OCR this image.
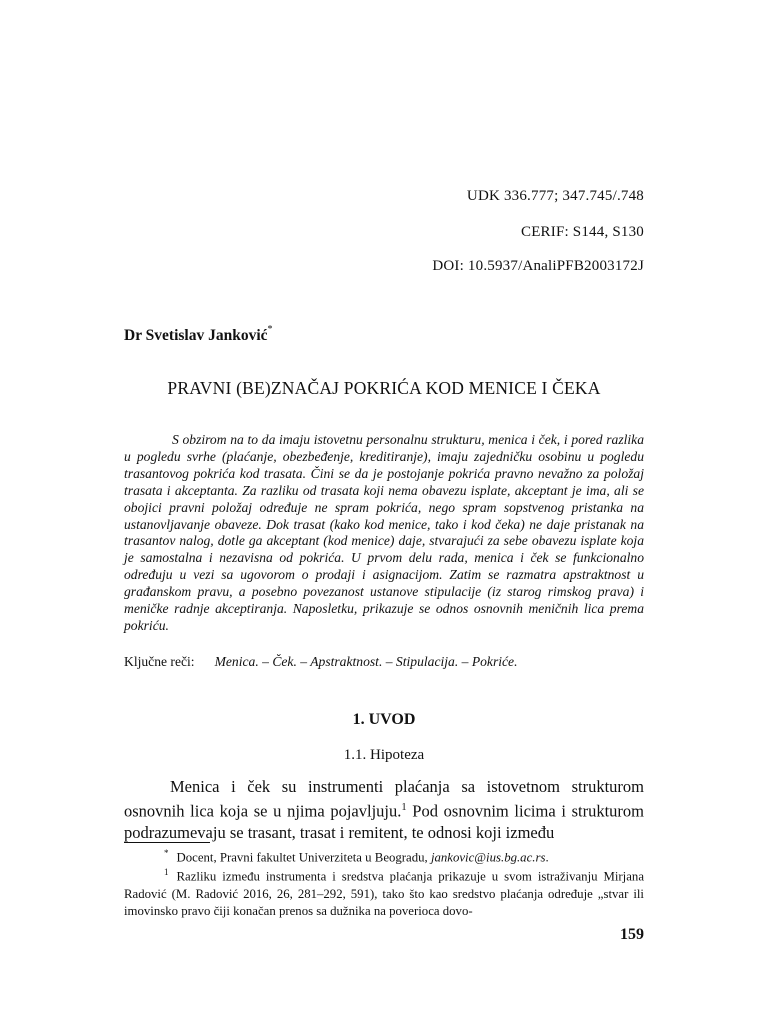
UDK 336.777; 347.745/.748
CERIF: S144, S130
DOI: 10.5937/AnaliPFB2003172J
Dr Svetislav Janković*
PRAVNI (BE)ZNAČAJ POKRIĆA KOD MENICE I ČEKA

S obzirom na to da imaju istovetnu personalnu strukturu, menica i ček, i pored razlika u pogledu svrhe (plaćanje, obezbeđenje, kreditiranje), imaju zajedničku osobinu u pogledu trasantovog pokrića kod trasata. Čini se da je postojanje pokrića pravno nevažno za položaj trasata i akceptanta. Za razliku od trasata koji nema obavezu isplate, akceptant je ima, ali se obojici pravni položaj određuje ne spram pokrića, nego spram sopstvenog pristanka na ustanovljavanje obaveze. Dok trasat (kako kod menice, tako i kod čeka) ne daje pristanak na trasantov nalog, dotle ga akceptant (kod menice) daje, stvarajući za sebe obavezu isplate koja je samostalna i nezavisna od pokrića. U prvom delu rada, menica i ček se funkcionalno određuju u vezi sa ugovorom o prodaji i asignacijom. Zatim se razmatra apstraktnost u građanskom pravu, a posebno povezanost ustanove stipulacije (iz starog rimskog prava) i meničke radnje akceptiranja. Naposletku, prikazuje se odnos osnovnih meničnih lica prema pokriću.

Ključne reči: Menica. – Ček. – Apstraktnost. – Stipulacija. – Pokriće.
1. UVOD
1.1. Hipoteza

Menica i ček su instrumenti plaćanja sa istovetnom strukturom osnovnih lica koja se u njima pojavljuju.$^1$ Pod osnovnim licima i strukturom podrazumevaju se trasant, trasat i remitent, te odnosi koji između

* Docent, Pravni fakultet Univerziteta u Beogradu, jankovic@ius.bg.ac.rs.

$^1$ Razliku između instrumenta i sredstva plaćanja prikazuje u svom istraživanju Mirjana Radović (M. Radović 2016, 26, 281–292, 591), tako što kao sredstvo plaćanja određuje „stvar ili imovinsko pravo čiji konačan prenos sa dužnika na poverioca dovo-

159
